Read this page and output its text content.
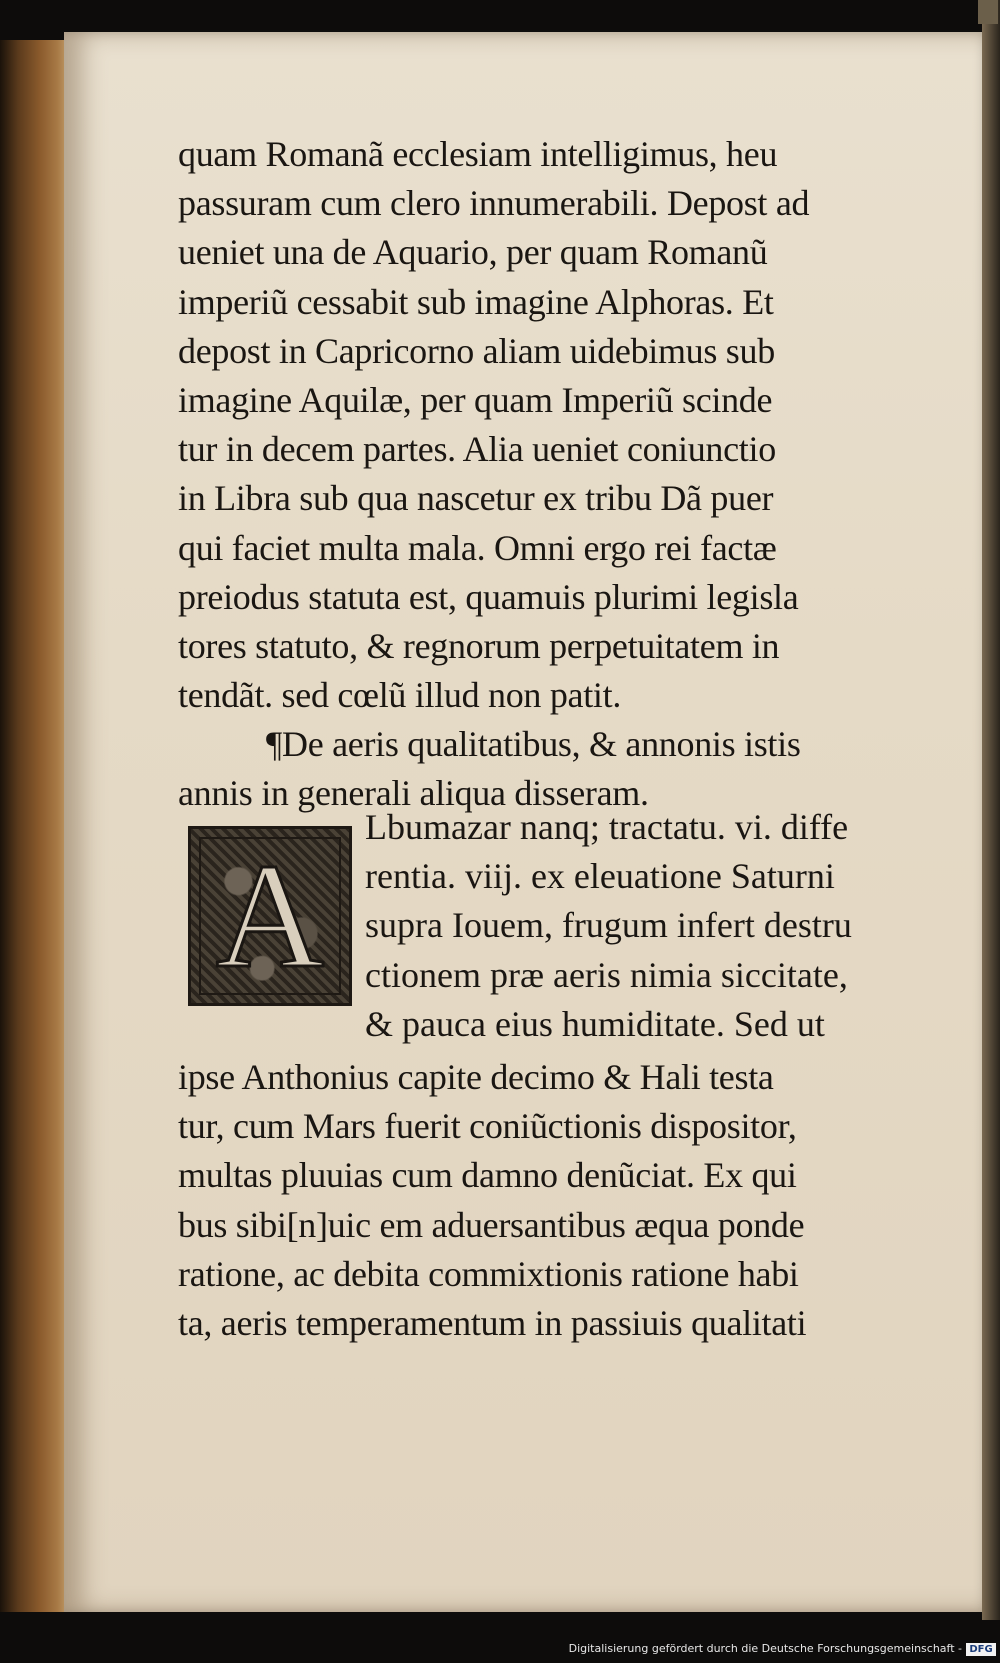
quam Romanã ecclesiam intelligimus, heu
passuram cum clero innumerabili. Depost ad
ueniet una de Aquario, per quam Romanũ
imperiũ cessabit sub imagine Alphoras. Et
depost in Capricorno aliam uidebimus sub
imagine Aquilæ, per quam Imperiũ scinde
tur in decem partes. Alia ueniet coniunctio
in Libra sub qua nascetur ex tribu Dã puer
qui faciet multa mala. Omni ergo rei factæ
preiodus statuta est, quamuis plurimi legisla
tores statuto, & regnorum perpetuitatem in
tendãt. sed cœlũ illud non patit.
¶De aeris qualitatibus, & annonis istis
annis in generali aliqua disseram.
A
Lbumazar nanq; tractatu. vi. diffe
rentia. viij. ex eleuatione Saturni
supra Iouem, frugum infert destru
ctionem præ aeris nimia siccitate,
& pauca eius humiditate. Sed ut
ipse Anthonius capite decimo & Hali testa
tur, cum Mars fuerit coniũctionis dispositor,
multas pluuias cum damno denũciat. Ex qui
bus sibi[n]uic em aduersantibus æqua ponde
ratione, ac debita commixtionis ratione habi
ta, aeris temperamentum in passiuis qualitati
Digitalisierung gefördert durch die Deutsche Forschungsgemeinschaft - DFG
